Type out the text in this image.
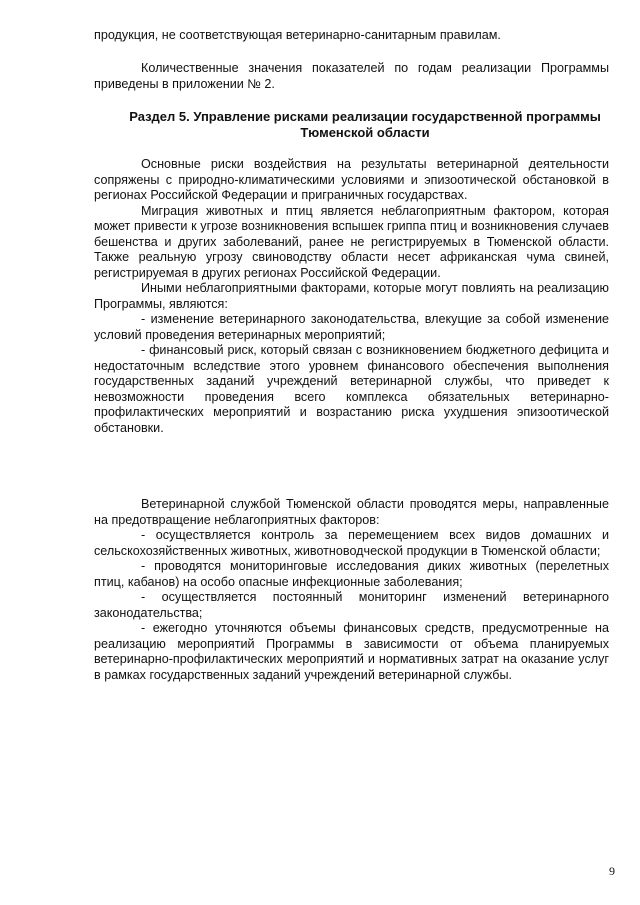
продукция, не соответствующая ветеринарно-санитарным правилам.

Количественные значения показателей по годам реализации Программы приведены в приложении № 2.

Раздел 5. Управление рисками реализации государственной программы Тюменской области

Основные риски воздействия на результаты ветеринарной деятельности сопряжены с природно-климатическими условиями и эпизоотической обстановкой в регионах Российской Федерации и приграничных государствах.

Миграция животных и птиц является неблагоприятным фактором, которая может привести к угрозе возникновения вспышек гриппа птиц и возникновения случаев бешенства и других заболеваний, ранее не регистрируемых в Тюменской области. Также реальную угрозу свиноводству области несет африканская чума свиней, регистрируемая в других регионах Российской Федерации.

Иными неблагоприятными факторами, которые могут повлиять на реализацию Программы, являются:

- изменение ветеринарного законодательства, влекущие за собой изменение условий проведения ветеринарных мероприятий;

- финансовый риск, который связан с возникновением бюджетного дефицита и недостаточным вследствие этого уровнем финансового обеспечения выполнения государственных заданий учреждений ветеринарной службы, что приведет к невозможности проведения всего комплекса обязательных ветеринарно-профилактических мероприятий и возрастанию риска ухудшения эпизоотической обстановки.

Ветеринарной службой Тюменской области проводятся меры, направленные на предотвращение неблагоприятных факторов:

- осуществляется контроль за перемещением всех видов домашних и сельскохозяйственных животных, животноводческой продукции в Тюменской области;

- проводятся мониторинговые исследования диких животных (перелетных птиц, кабанов) на особо опасные инфекционные заболевания;

- осуществляется постоянный мониторинг изменений ветеринарного законодательства;

- ежегодно уточняются объемы финансовых средств, предусмотренные на реализацию мероприятий Программы в зависимости от объема планируемых ветеринарно-профилактических мероприятий и нормативных затрат на оказание услуг в рамках государственных заданий учреждений ветеринарной службы.

9
